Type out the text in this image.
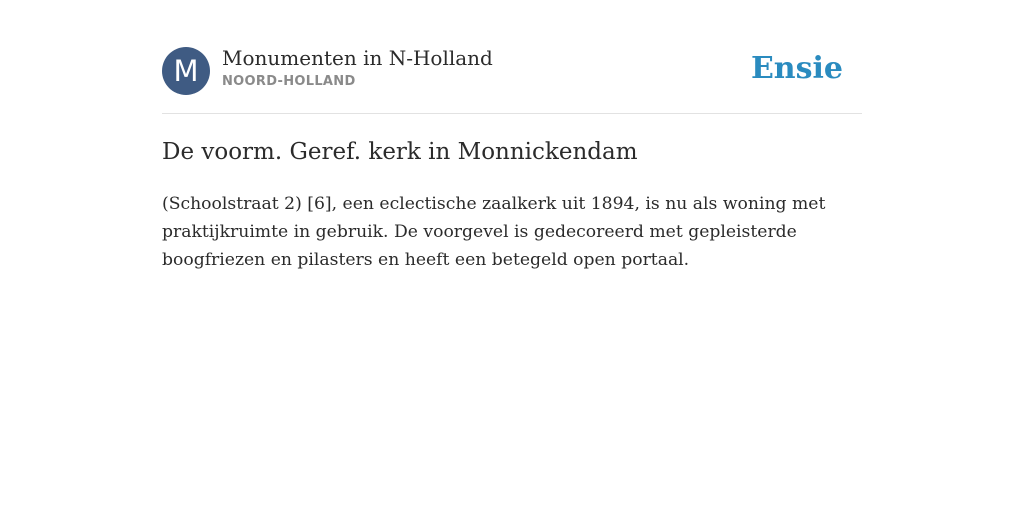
M	Monumenten in N-Holland
NOORD-HOLLAND	Ensie
De voorm. Geref. kerk in Monnickendam

(Schoolstraat 2) [6], een eclectische zaalkerk uit 1894, is nu als woning met praktijkruimte in gebruik. De voorgevel is gedecoreerd met gepleisterde boogfriezen en pilasters en heeft een betegeld open portaal.
